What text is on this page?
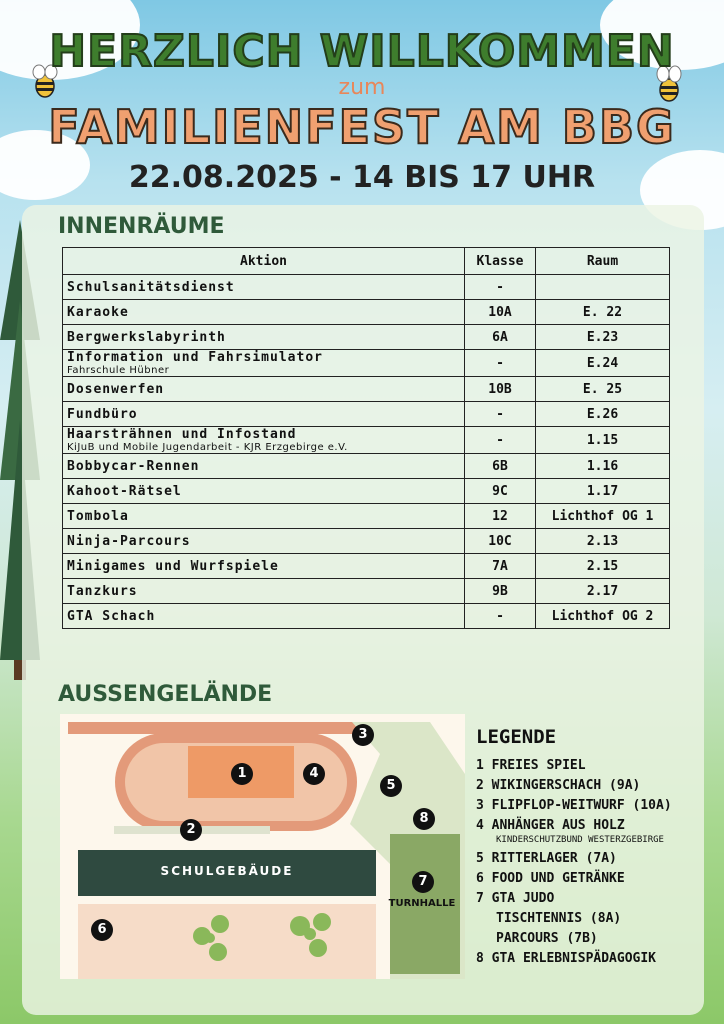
HERZLICH WILLKOMMEN
zum
FAMILIENFEST AM BBG
22.08.2025 - 14 BIS 17 UHR
INNENRÄUME
Aktion	Klasse	Raum
Schulsanitätsdienst	-	
Karaoke	10A	E. 22
Bergwerkslabyrinth	6A	E.23
Information und Fahrsimulator
Fahrschule Hübner	-	E.24
Dosenwerfen	10B	E. 25
Fundbüro	-	E.26
Haarsträhnen und Infostand
KiJuB und Mobile Jugendarbeit - KJR Erzgebirge e.V.	-	1.15
Bobbycar-Rennen	6B	1.16
Kahoot-Rätsel	9C	1.17
Tombola	12	Lichthof OG 1
Ninja-Parcours	10C	2.13
Minigames und Wurfspiele	7A	2.15
Tanzkurs	9B	2.17
GTA Schach	-	Lichthof OG 2
AUSSENGELÄNDE
SCHULGEBÄUDE
TURNHALLE
1
2
3
4
5
6
7
8
LEGENDE
1 FREIES SPIEL
2 WIKINGERSCHACH (9A)
3 FLIPFLOP-WEITWURF (10A)
4 ANHÄNGER AUS HOLZ
KINDERSCHUTZBUND WESTERZGEBIRGE
5 RITTERLAGER (7A)
6 FOOD UND GETRÄNKE
7 GTA JUDO
TISCHTENNIS (8A)
PARCOURS (7B)
8 GTA ERLEBNISPÄDAGOGIK
